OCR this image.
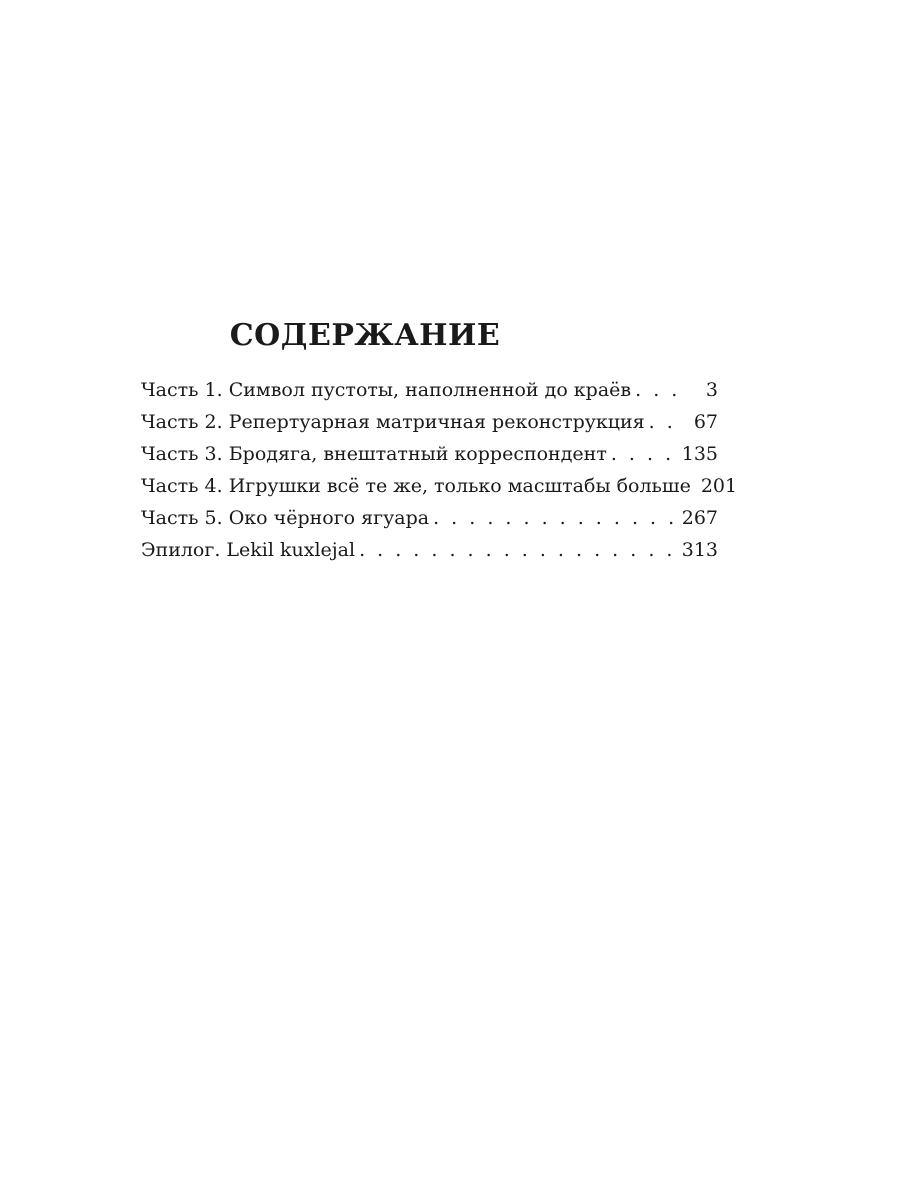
СОДЕРЖАНИЕ
Часть 1. Символ пустоты, наполненной до краёв . . .	3
Часть 2. Репертуарная матричная реконструкция . . .	67
Часть 3. Бродяга, внештатный корреспондент . . .	135
Часть 4. Игрушки всё те же, только масштабы больше 201
Часть 5. Око чёрного ягуара . . .	267
Эпилог. Lekil kuxlejal . . .	313
